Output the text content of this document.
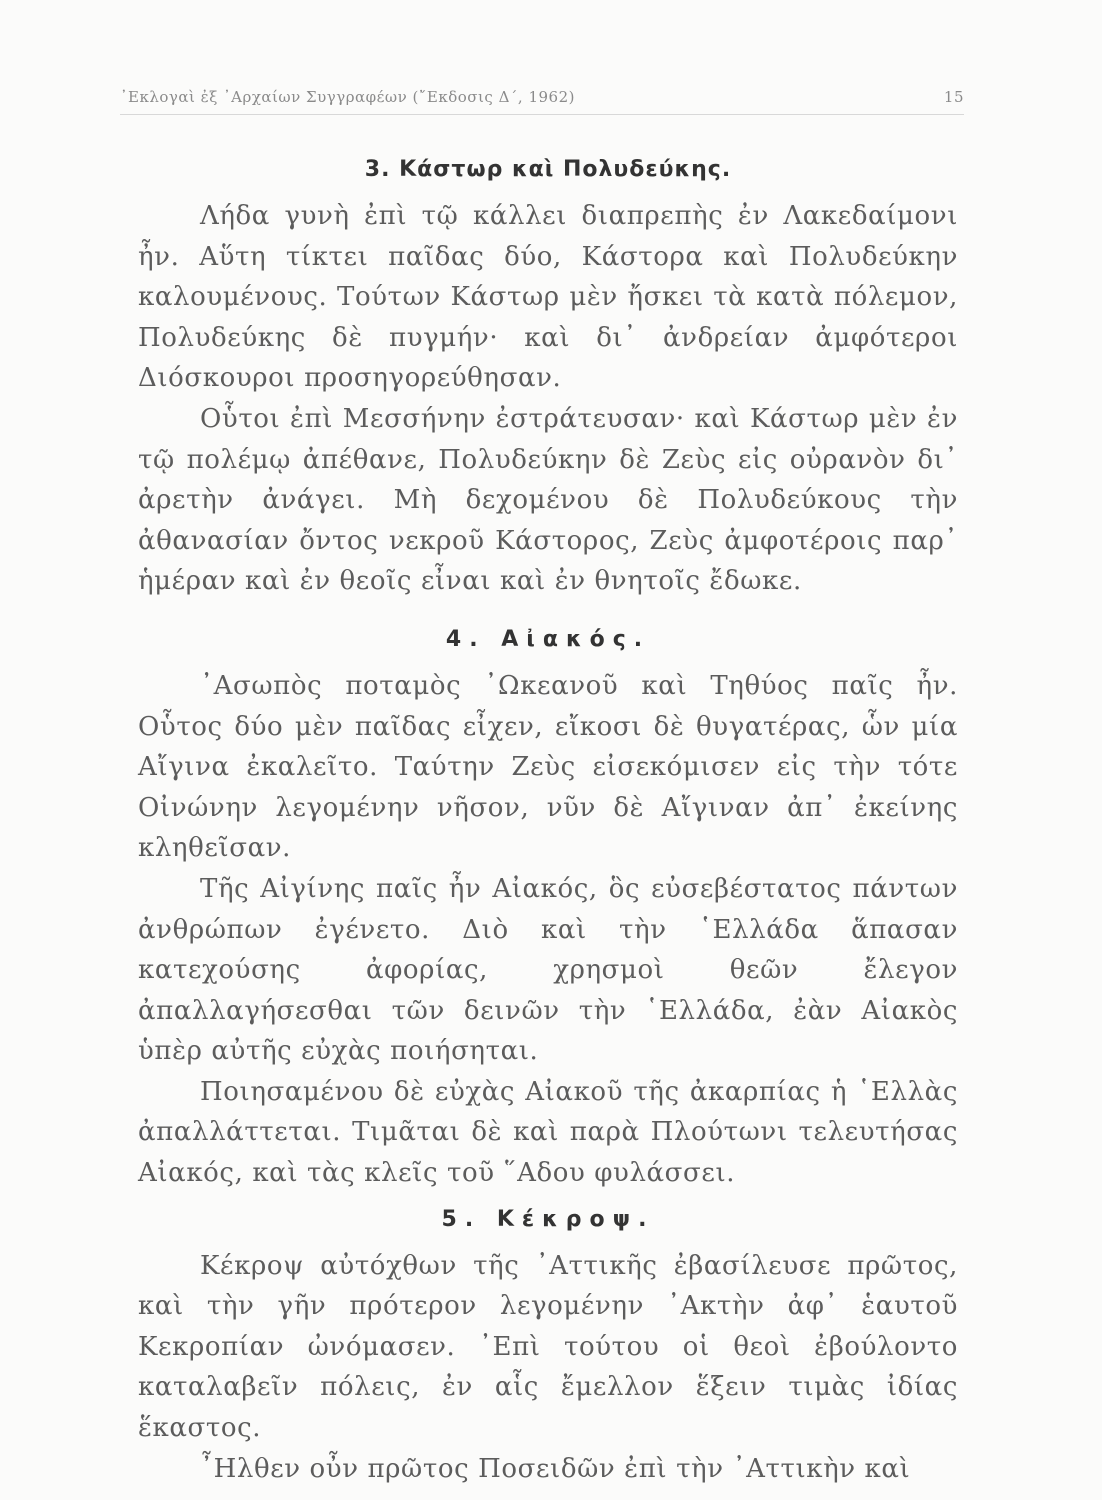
᾿Εκλογαὶ ἐξ ᾿Αρχαίων Συγγραφέων (῎Εκδοσις Δ΄, 1962)	15
3. Κάστωρ καὶ Πολυδεύκης.

Λήδα γυνὴ ἐπὶ τῷ κάλλει διαπρεπὴς ἐν Λακεδαίμονι ἦν. Αὕτη τίκτει παῖδας δύο, Κάστορα καὶ Πολυδεύκην καλουμένους. Τούτων Κάστωρ μὲν ἤσκει τὰ κατὰ πόλεμον, Πολυδεύκης δὲ πυγμήν· καὶ δι᾿ ἀνδρείαν ἀμφότεροι Διόσκουροι προσηγορεύθησαν.

Οὗτοι ἐπὶ Μεσσήνην ἐστράτευσαν· καὶ Κάστωρ μὲν ἐν τῷ πολέμῳ ἀπέθανε, Πολυδεύκην δὲ Ζεὺς εἰς οὐρανὸν δι᾿ ἀρετὴν ἀνάγει. Μὴ δεχομένου δὲ Πολυδεύκους τὴν ἀθανασίαν ὄντος νεκροῦ Κάστορος, Ζεὺς ἀμφοτέροις παρ᾿ ἡμέραν καὶ ἐν θεοῖς εἶναι καὶ ἐν θνητοῖς ἔδωκε.

4. Αἰακός.

᾿Ασωπὸς ποταμὸς ᾿Ωκεανοῦ καὶ Τηθύος παῖς ἦν. Οὗτος δύο μὲν παῖδας εἶχεν, εἴκοσι δὲ θυγατέρας, ὧν μία Αἴγινα ἐκαλεῖτο. Ταύτην Ζεὺς εἰσεκόμισεν εἰς τὴν τότε Οἰνώνην λεγομένην νῆσον, νῦν δὲ Αἴγιναν ἀπ᾿ ἐκείνης κληθεῖσαν.

Τῆς Αἰγίνης παῖς ἦν Αἰακός, ὃς εὐσεβέστατος πάντων ἀνθρώπων ἐγένετο. Διὸ καὶ τὴν ῾Ελλάδα ἅπασαν κατεχούσης ἀφορίας, χρησμοὶ θεῶν ἔλεγον ἀπαλλαγήσεσθαι τῶν δεινῶν τὴν ῾Ελλάδα, ἐὰν Αἰακὸς ὑπὲρ αὐτῆς εὐχὰς ποιήσηται.

Ποιησαμένου δὲ εὐχὰς Αἰακοῦ τῆς ἀκαρπίας ἡ ῾Ελλὰς ἀπαλλάττεται. Τιμᾶται δὲ καὶ παρὰ Πλούτωνι τελευτήσας Αἰακός, καὶ τὰς κλεῖς τοῦ ῞Αδου φυλάσσει.

5. Κέκροψ.

Κέκροψ αὐτόχθων τῆς ᾿Αττικῆς ἐβασίλευσε πρῶτος, καὶ τὴν γῆν πρότερον λεγομένην ᾿Ακτὴν ἀφ᾿ ἑαυτοῦ Κεκροπίαν ὠνόμασεν. ᾿Επὶ τούτου οἱ θεοὶ ἐβούλοντο καταλαβεῖν πόλεις, ἐν αἷς ἔμελλον ἕξειν τιμὰς ἰδίας ἕκαστος.

῏Ηλθεν οὖν πρῶτος Ποσειδῶν ἐπὶ τὴν ᾿Αττικὴν καὶ
